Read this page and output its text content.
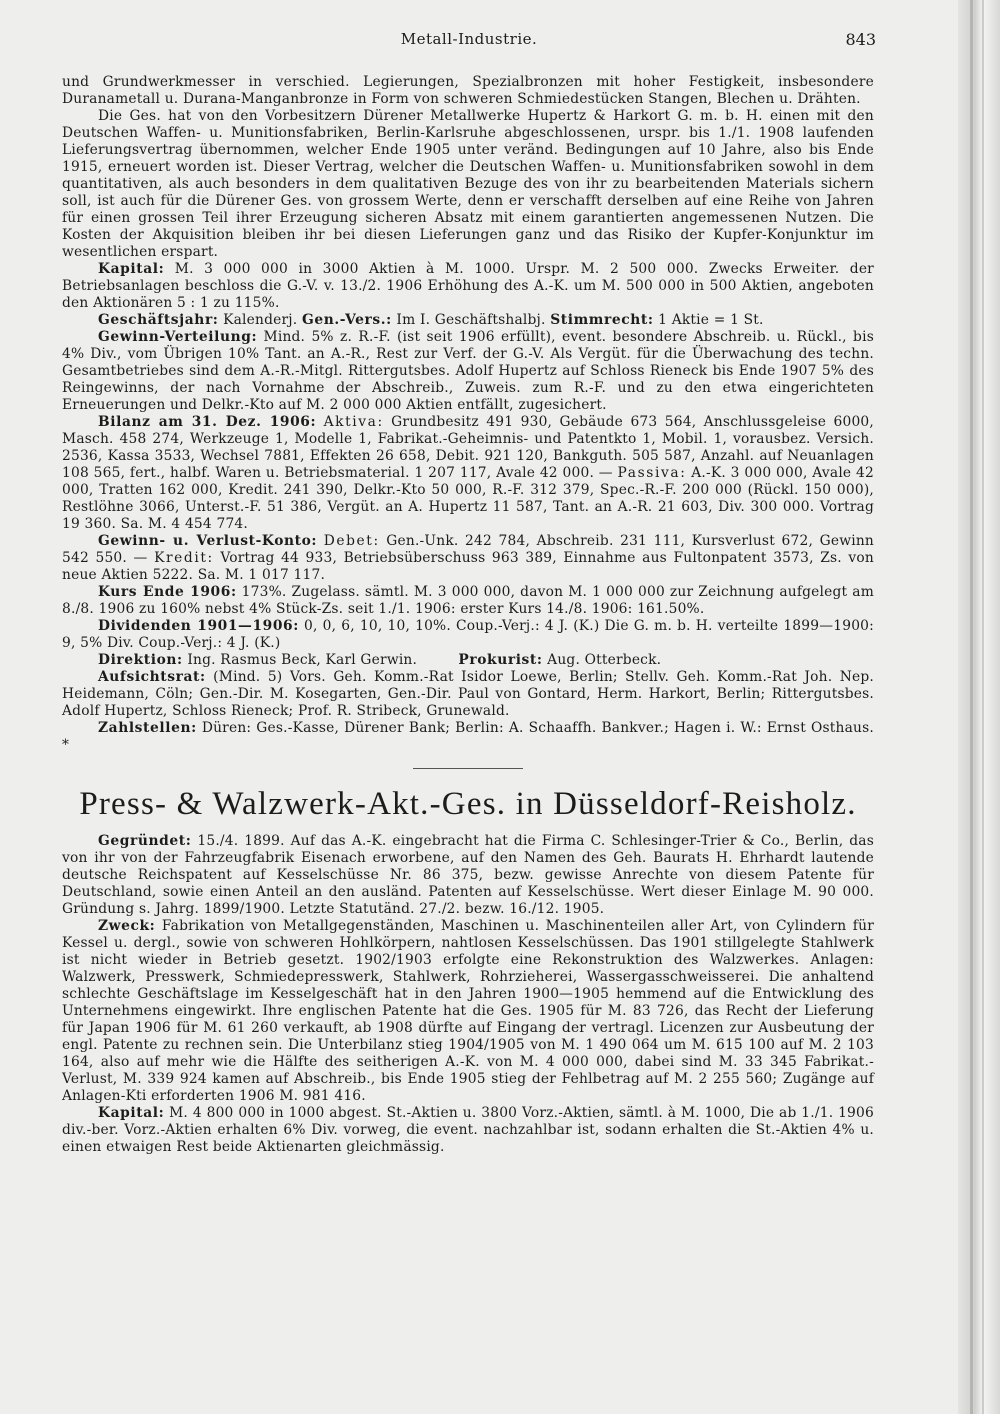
Metall-Industrie.	843

und Grundwerkmesser in verschied. Legierungen, Spezialbronzen mit hoher Festigkeit, insbesondere Duranametall u. Durana-Manganbronze in Form von schweren Schmiedestücken Stangen, Blechen u. Drähten.

Die Ges. hat von den Vorbesitzern Dürener Metallwerke Hupertz & Harkort G. m. b. H. einen mit den Deutschen Waffen- u. Munitionsfabriken, Berlin-Karlsruhe abgeschlossenen, urspr. bis 1./1. 1908 laufenden Lieferungsvertrag übernommen, welcher Ende 1905 unter veränd. Bedingungen auf 10 Jahre, also bis Ende 1915, erneuert worden ist. Dieser Vertrag, welcher die Deutschen Waffen- u. Munitionsfabriken sowohl in dem quantitativen, als auch besonders in dem qualitativen Bezuge des von ihr zu bearbeitenden Materials sichern soll, ist auch für die Dürener Ges. von grossem Werte, denn er verschafft derselben auf eine Reihe von Jahren für einen grossen Teil ihrer Erzeugung sicheren Absatz mit einem garantierten angemessenen Nutzen. Die Kosten der Akquisition bleiben ihr bei diesen Lieferungen ganz und das Risiko der Kupfer-Konjunktur im wesentlichen erspart.

Kapital: M. 3 000 000 in 3000 Aktien à M. 1000. Urspr. M. 2 500 000. Zwecks Erweiter. der Betriebsanlagen beschloss die G.-V. v. 13./2. 1906 Erhöhung des A.-K. um M. 500 000 in 500 Aktien, angeboten den Aktionären 5 : 1 zu 115%.

Geschäftsjahr: Kalenderj. Gen.-Vers.: Im I. Geschäftshalbj. Stimmrecht: 1 Aktie = 1 St.

Gewinn-Verteilung: Mind. 5% z. R.-F. (ist seit 1906 erfüllt), event. besondere Abschreib. u. Rückl., bis 4% Div., vom Übrigen 10% Tant. an A.-R., Rest zur Verf. der G.-V. Als Vergüt. für die Überwachung des techn. Gesamtbetriebes sind dem A.-R.-Mitgl. Rittergutsbes. Adolf Hupertz auf Schloss Rieneck bis Ende 1907 5% des Reingewinns, der nach Vornahme der Abschreib., Zuweis. zum R.-F. und zu den etwa eingerichteten Erneuerungen und Delkr.-Kto auf M. 2 000 000 Aktien entfällt, zugesichert.

Bilanz am 31. Dez. 1906: Aktiva: Grundbesitz 491 930, Gebäude 673 564, Anschlussgeleise 6000, Masch. 458 274, Werkzeuge 1, Modelle 1, Fabrikat.-Geheimnis- und Patentkto 1, Mobil. 1, vorausbez. Versich. 2536, Kassa 3533, Wechsel 7881, Effekten 26 658, Debit. 921 120, Bankguth. 505 587, Anzahl. auf Neuanlagen 108 565, fert., halbf. Waren u. Betriebsmaterial. 1 207 117, Avale 42 000. — Passiva: A.-K. 3 000 000, Avale 42 000, Tratten 162 000, Kredit. 241 390, Delkr.-Kto 50 000, R.-F. 312 379, Spec.-R.-F. 200 000 (Rückl. 150 000), Restlöhne 3066, Unterst.-F. 51 386, Vergüt. an A. Hupertz 11 587, Tant. an A.-R. 21 603, Div. 300 000. Vortrag 19 360. Sa. M. 4 454 774.

Gewinn- u. Verlust-Konto: Debet: Gen.-Unk. 242 784, Abschreib. 231 111, Kursverlust 672, Gewinn 542 550. — Kredit: Vortrag 44 933, Betriebsüberschuss 963 389, Einnahme aus Fultonpatent 3573, Zs. von neue Aktien 5222. Sa. M. 1 017 117.

Kurs Ende 1906: 173%. Zugelass. sämtl. M. 3 000 000, davon M. 1 000 000 zur Zeichnung aufgelegt am 8./8. 1906 zu 160% nebst 4% Stück-Zs. seit 1./1. 1906: erster Kurs 14./8. 1906: 161.50%.

Dividenden 1901—1906: 0, 0, 6, 10, 10, 10%. Coup.-Verj.: 4 J. (K.) Die G. m. b. H. verteilte 1899—1900: 9, 5% Div. Coup.-Verj.: 4 J. (K.)

Direktion: Ing. Rasmus Beck, Karl Gerwin.	Prokurist: Aug. Otterbeck.

Aufsichtsrat: (Mind. 5) Vors. Geh. Komm.-Rat Isidor Loewe, Berlin; Stellv. Geh. Komm.-Rat Joh. Nep. Heidemann, Cöln; Gen.-Dir. M. Kosegarten, Gen.-Dir. Paul von Gontard, Herm. Harkort, Berlin; Rittergutsbes. Adolf Hupertz, Schloss Rieneck; Prof. R. Stribeck, Grunewald.

Zahlstellen: Düren: Ges.-Kasse, Dürener Bank; Berlin: A. Schaaffh. Bankver.; Hagen i. W.: Ernst Osthaus. *

Press- & Walzwerk-Akt.-Ges. in Düsseldorf-Reisholz.

Gegründet: 15./4. 1899. Auf das A.-K. eingebracht hat die Firma C. Schlesinger-Trier & Co., Berlin, das von ihr von der Fahrzeugfabrik Eisenach erworbene, auf den Namen des Geh. Baurats H. Ehrhardt lautende deutsche Reichspatent auf Kesselschüsse Nr. 86 375, bezw. gewisse Anrechte von diesem Patente für Deutschland, sowie einen Anteil an den ausländ. Patenten auf Kesselschüsse. Wert dieser Einlage M. 90 000. Gründung s. Jahrg. 1899/1900. Letzte Statutänd. 27./2. bezw. 16./12. 1905.

Zweck: Fabrikation von Metallgegenständen, Maschinen u. Maschinenteilen aller Art, von Cylindern für Kessel u. dergl., sowie von schweren Hohlkörpern, nahtlosen Kesselschüssen. Das 1901 stillgelegte Stahlwerk ist nicht wieder in Betrieb gesetzt. 1902/1903 erfolgte eine Rekonstruktion des Walzwerkes. Anlagen: Walzwerk, Presswerk, Schmiedepresswerk, Stahlwerk, Rohrzieherei, Wassergasschweisserei. Die anhaltend schlechte Geschäftslage im Kesselgeschäft hat in den Jahren 1900—1905 hemmend auf die Entwicklung des Unternehmens eingewirkt. Ihre englischen Patente hat die Ges. 1905 für M. 83 726, das Recht der Lieferung für Japan 1906 für M. 61 260 verkauft, ab 1908 dürfte auf Eingang der vertragl. Licenzen zur Ausbeutung der engl. Patente zu rechnen sein. Die Unterbilanz stieg 1904/1905 von M. 1 490 064 um M. 615 100 auf M. 2 103 164, also auf mehr wie die Hälfte des seitherigen A.-K. von M. 4 000 000, dabei sind M. 33 345 Fabrikat.-Verlust, M. 339 924 kamen auf Abschreib., bis Ende 1905 stieg der Fehlbetrag auf M. 2 255 560; Zugänge auf Anlagen-Kti erforderten 1906 M. 981 416.

Kapital: M. 4 800 000 in 1000 abgest. St.-Aktien u. 3800 Vorz.-Aktien, sämtl. à M. 1000, Die ab 1./1. 1906 div.-ber. Vorz.-Aktien erhalten 6% Div. vorweg, die event. nachzahlbar ist, sodann erhalten die St.-Aktien 4% u. einen etwaigen Rest beide Aktienarten gleichmässig.
